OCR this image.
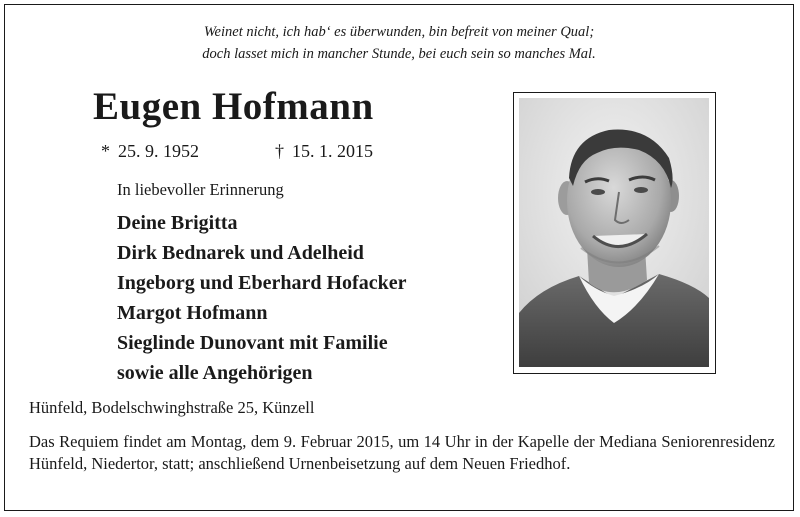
Weinet nicht, ich hab‘ es überwunden, bin befreit von meiner Qual;
doch lasset mich in mancher Stunde, bei euch sein so manches Mal.
Eugen Hofmann
* 25. 9. 1952	† 15. 1. 2015
In liebevoller Erinnerung
Deine Brigitta
Dirk Bednarek und Adelheid
Ingeborg und Eberhard Hofacker
Margot Hofmann
Sieglinde Dunovant mit Familie
sowie alle Angehörigen
Hünfeld, Bodelschwinghstraße 25, Künzell
Das Requiem findet am Montag, dem 9. Februar 2015, um 14 Uhr in der Kapelle der Mediana Seniorenresidenz Hünfeld, Niedertor, statt; anschließend Urnenbeisetzung auf dem Neuen Friedhof.
